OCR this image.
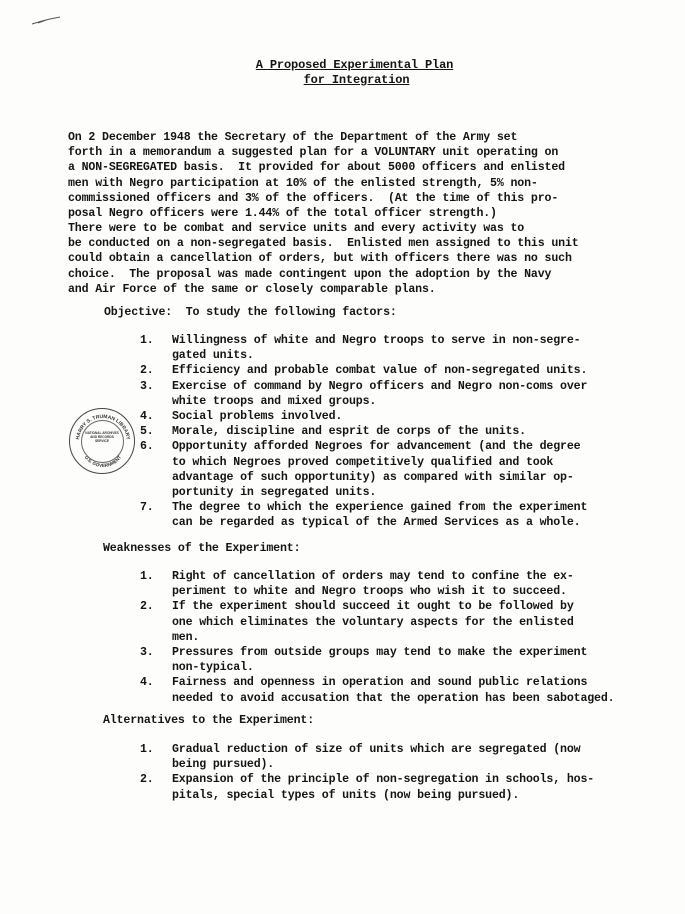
A Proposed Experimental Plan
for Integration
On 2 December 1948 the Secretary of the Department of the Army set
forth in a memorandum a suggested plan for a VOLUNTARY unit operating on
a NON-SEGREGATED basis.  It provided for about 5000 officers and enlisted
men with Negro participation at 10% of the enlisted strength, 5% non-
commissioned officers and 3% of the officers.  (At the time of this pro-
posal Negro officers were 1.44% of the total officer strength.)
There were to be combat and service units and every activity was to
be conducted on a non-segregated basis.  Enlisted men assigned to this unit
could obtain a cancellation of orders, but with officers there was no such
choice.  The proposal was made contingent upon the adoption by the Navy
and Air Force of the same or closely comparable plans.
Objective:  To study the following factors:
1. Willingness of white and Negro troops to serve in non-segre-
gated units.
2. Efficiency and probable combat value of non-segregated units.
3. Exercise of command by Negro officers and Negro non-coms over
white troops and mixed groups.
4. Social problems involved.
5. Morale, discipline and esprit de corps of the units.
6. Opportunity afforded Negroes for advancement (and the degree
to which Negroes proved competitively qualified and took
advantage of such opportunity) as compared with similar op-
portunity in segregated units.
7. The degree to which the experience gained from the experiment
can be regarded as typical of the Armed Services as a whole.
Weaknesses of the Experiment:
1. Right of cancellation of orders may tend to confine the ex-
periment to white and Negro troops who wish it to succeed.
2. If the experiment should succeed it ought to be followed by
one which eliminates the voluntary aspects for the enlisted
men.
3. Pressures from outside groups may tend to make the experiment
non-typical.
4. Fairness and openness in operation and sound public relations
needed to avoid accusation that the operation has been sabotaged.
Alternatives to the Experiment:
1. Gradual reduction of size of units which are segregated (now
being pursued).
2. Expansion of the principle of non-segregation in schools, hos-
pitals, special types of units (now being pursued).
HARRY S. TRUMAN LIBRARY
U.S. GOVERNMENT
NATIONAL ARCHIVES AND RECORDS SERVICE
